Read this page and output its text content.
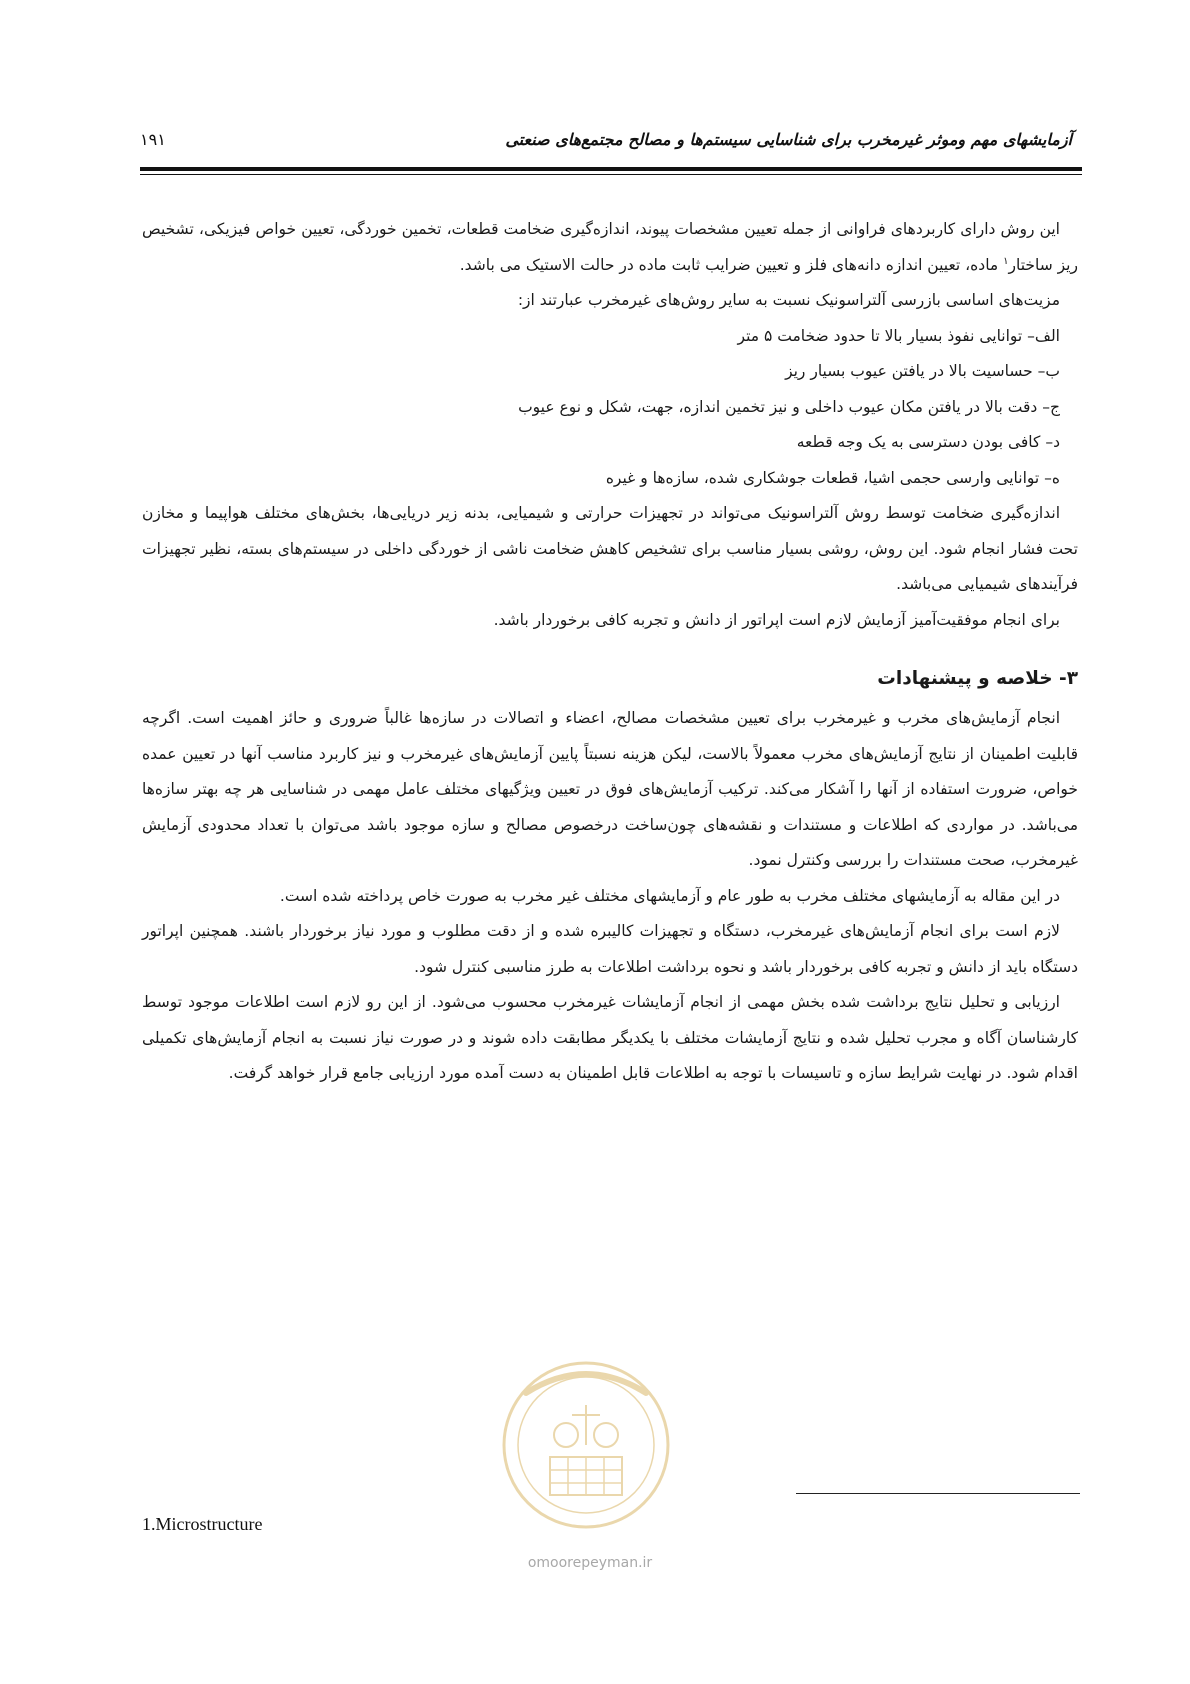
آزمایشهای مهم وموثر غیرمخرب برای شناسایی سیستم‌ها و مصالح مجتمع‌های صنعتی
۱۹۱

این روش دارای کاربردهای فراوانی از جمله تعیین مشخصات پیوند، اندازه‌گیری ضخامت قطعات، تخمین خوردگی، تعیین خواص فیزیکی، تشخیص ریز ساختار$^۱$ ماده، تعیین اندازه دانه‌های فلز و تعیین ضرایب ثابت ماده در حالت الاستیک می باشد.

مزیت‌های اساسی بازرسی آلتراسونیک نسبت به سایر روش‌های غیرمخرب عبارتند از:

الف– توانایی نفوذ بسیار بالا تا حدود ضخامت ۵ متر

ب– حساسیت بالا در یافتن عیوب بسیار ریز

ج– دقت بالا در یافتن مکان عیوب داخلی و نیز تخمین اندازه، جهت، شکل و نوع عیوب

د– کافی بودن دسترسی به یک وجه قطعه

ه– توانایی وارسی حجمی اشیا، قطعات جوشکاری شده، سازه‌ها و غیره

اندازه‌گیری ضخامت توسط روش آلتراسونیک می‌تواند در تجهیزات حرارتی و شیمیایی، بدنه زیر دریایی‌ها، بخش‌های مختلف هواپیما و مخازن تحت فشار انجام شود. این روش، روشی بسیار مناسب برای تشخیص کاهش ضخامت ناشی از خوردگی داخلی در سیستم‌های بسته، نظیر تجهیزات فرآیندهای شیمیایی می‌باشد.

برای انجام موفقیت‌آمیز آزمایش لازم است اپراتور از دانش و تجربه کافی برخوردار باشد.

۳- خلاصه و پیشنهادات

انجام آزمایش‌های مخرب و غیرمخرب برای تعیین مشخصات مصالح، اعضاء و اتصالات در سازه‌ها غالباً ضروری و حائز اهمیت است. اگرچه قابلیت اطمینان از نتایج آزمایش‌های مخرب معمولاً بالاست، لیکن هزینه نسبتاً پایین آزمایش‌های غیرمخرب و نیز کاربرد مناسب آنها در تعیین عمده خواص، ضرورت استفاده از آنها را آشکار می‌کند. ترکیب آزمایش‌های فوق در تعیین ویژگیهای مختلف عامل مهمی در شناسایی هر چه بهتر سازه‌ها می‌باشد. در مواردی که اطلاعات و مستندات و نقشه‌های چون‌ساخت درخصوص مصالح و سازه موجود باشد می‌توان با تعداد محدودی آزمایش غیرمخرب، صحت مستندات را بررسی وکنترل نمود.

در این مقاله به آزمایشهای مختلف مخرب به طور عام و آزمایشهای مختلف غیر مخرب به صورت خاص پرداخته شده است.

لازم است برای انجام آزمایش‌های غیرمخرب، دستگاه و تجهیزات کالیبره شده و از دقت مطلوب و مورد نیاز برخوردار باشند. همچنین اپراتور دستگاه باید از دانش و تجربه کافی برخوردار باشد و نحوه برداشت اطلاعات به طرز مناسبی کنترل شود.

ارزیابی و تحلیل نتایج برداشت شده بخش مهمی از انجام آزمایشات غیرمخرب محسوب می‌شود. از این رو لازم است اطلاعات موجود توسط کارشناسان آگاه و مجرب تحلیل شده و نتایج آزمایشات مختلف با یکدیگر مطابقت داده شوند و در صورت نیاز نسبت به انجام آزمایش‌های تکمیلی اقدام شود. در نهایت شرایط سازه و تاسیسات با توجه به اطلاعات قابل اطمینان به دست آمده مورد ارزیابی جامع قرار خواهد گرفت.

omoorepeyman.ir
1.Microstructure
